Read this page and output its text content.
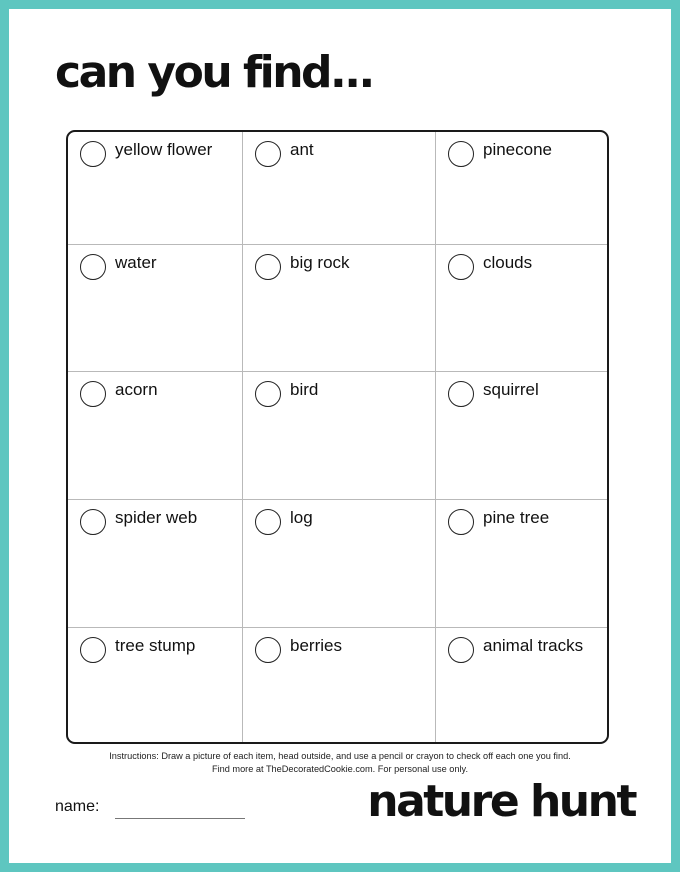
can you find...
yellow flower	ant	pinecone
water	big rock	clouds
acorn	bird	squirrel
spider web	log	pine tree
tree stump	berries	animal tracks
Instructions: Draw a picture of each item, head outside, and use a pencil or crayon to check off each one you find.
Find more at TheDecoratedCookie.com. For personal use only.
name:	nature hunt
